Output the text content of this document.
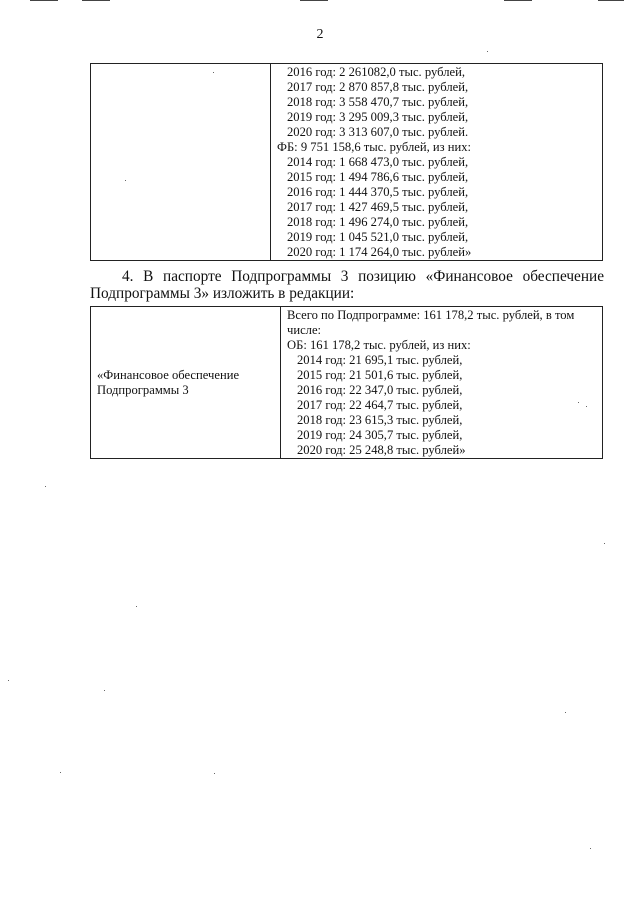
2

2016 год: 2 261082,0 тыс. рублей,
2017 год: 2 870 857,8 тыс. рублей,
2018 год: 3 558 470,7 тыс. рублей,
2019 год: 3 295 009,3 тыс. рублей,
2020 год: 3 313 607,0 тыс. рублей.
ФБ: 9 751 158,6 тыс. рублей, из них:
2014 год: 1 668 473,0 тыс. рублей,
2015 год: 1 494 786,6 тыс. рублей,
2016 год: 1 444 370,5 тыс. рублей,
2017 год: 1 427 469,5 тыс. рублей,
2018 год: 1 496 274,0 тыс. рублей,
2019 год: 1 045 521,0 тыс. рублей,
2020 год: 1 174 264,0 тыс. рублей»
4. В паспорте Подпрограммы 3 позицию «Финансовое обеспечение
Подпрограммы 3» изложить в редакции:
«Финансовое обеспечение
Подпрограммы 3

Всего по Подпрограмме: 161 178,2 тыс. рублей, в том
числе:
ОБ: 161 178,2 тыс. рублей, из них:
2014 год: 21 695,1 тыс. рублей,
2015 год: 21 501,6 тыс. рублей,
2016 год: 22 347,0 тыс. рублей,
2017 год: 22 464,7 тыс. рублей,
2018 год: 23 615,3 тыс. рублей,
2019 год: 24 305,7 тыс. рублей,
2020 год: 25 248,8 тыс. рублей»
